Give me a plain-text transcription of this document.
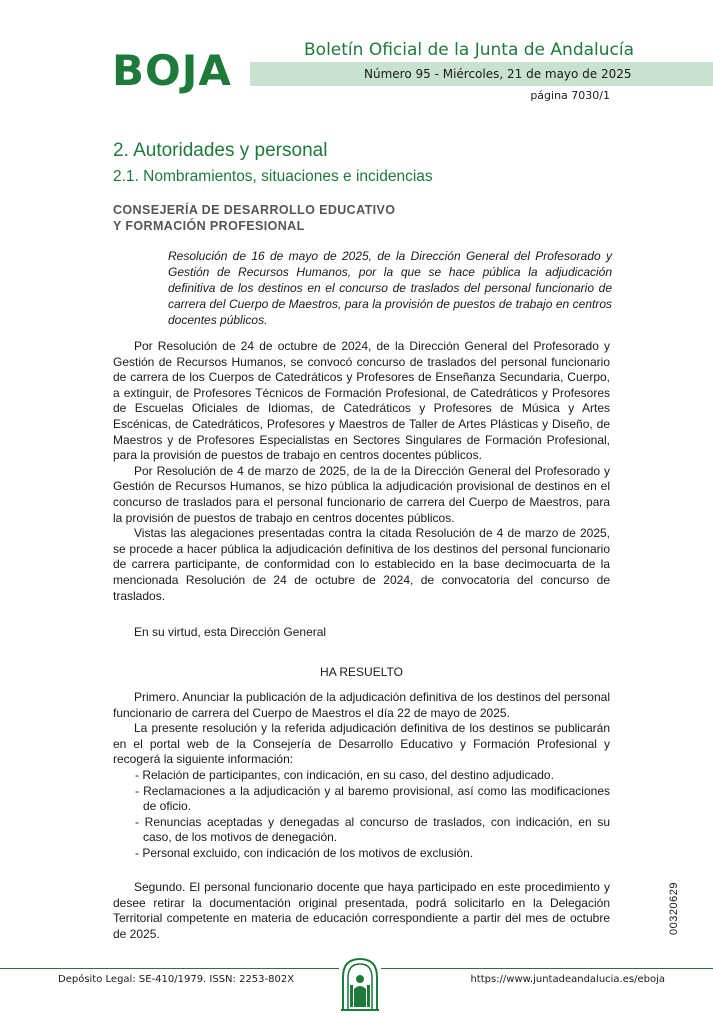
BOJA	Boletín Oficial de la Junta de Andalucía
Número 95 - Miércoles, 21 de mayo de 2025
página 7030/1
2. Autoridades y personal
2.1. Nombramientos, situaciones e incidencias
CONSEJERÍA DE DESARROLLO EDUCATIVO
Y FORMACIÓN PROFESIONAL
Resolución de 16 de mayo de 2025, de la Dirección General del Profesorado y Gestión de Recursos Humanos, por la que se hace pública la adjudicación definitiva de los destinos en el concurso de traslados del personal funcionario de carrera del Cuerpo de Maestros, para la provisión de puestos de trabajo en centros docentes públicos.

Por Resolución de 24 de octubre de 2024, de la Dirección General del Profesorado y Gestión de Recursos Humanos, se convocó concurso de traslados del personal funcionario de carrera de los Cuerpos de Catedráticos y Profesores de Enseñanza Secundaria, Cuerpo, a extinguir, de Profesores Técnicos de Formación Profesional, de Catedráticos y Profesores de Escuelas Oficiales de Idiomas, de Catedráticos y Profesores de Música y Artes Escénicas, de Catedráticos, Profesores y Maestros de Taller de Artes Plásticas y Diseño, de Maestros y de Profesores Especialistas en Sectores Singulares de Formación Profesional, para la provisión de puestos de trabajo en centros docentes públicos.

Por Resolución de 4 de marzo de 2025, de la de la Dirección General del Profesorado y Gestión de Recursos Humanos, se hizo pública la adjudicación provisional de destinos en el concurso de traslados para el personal funcionario de carrera del Cuerpo de Maestros, para la provisión de puestos de trabajo en centros docentes públicos.

Vistas las alegaciones presentadas contra la citada Resolución de 4 de marzo de 2025, se procede a hacer pública la adjudicación definitiva de los destinos del personal funcionario de carrera participante, de conformidad con lo establecido en la base decimocuarta de la mencionada Resolución de 24 de octubre de 2024, de convocatoria del concurso de traslados.

En su virtud, esta Dirección General

HA RESUELTO

Primero. Anunciar la publicación de la adjudicación definitiva de los destinos del personal funcionario de carrera del Cuerpo de Maestros el día 22 de mayo de 2025.

La presente resolución y la referida adjudicación definitiva de los destinos se publicarán en el portal web de la Consejería de Desarrollo Educativo y Formación Profesional y recogerá la siguiente información:

- Relación de participantes, con indicación, en su caso, del destino adjudicado.

- Reclamaciones a la adjudicación y al baremo provisional, así como las modificaciones de oficio.

- Renuncias aceptadas y denegadas al concurso de traslados, con indicación, en su caso, de los motivos de denegación.

- Personal excluido, con indicación de los motivos de exclusión.

Segundo. El personal funcionario docente que haya participado en este procedimiento y desee retirar la documentación original presentada, podrá solicitarlo en la Delegación Territorial competente en materia de educación correspondiente a partir del mes de octubre de 2025.	00320629
Depósito Legal: SE-410/1979. ISSN: 2253-802X	https://www.juntadeandalucia.es/eboja
